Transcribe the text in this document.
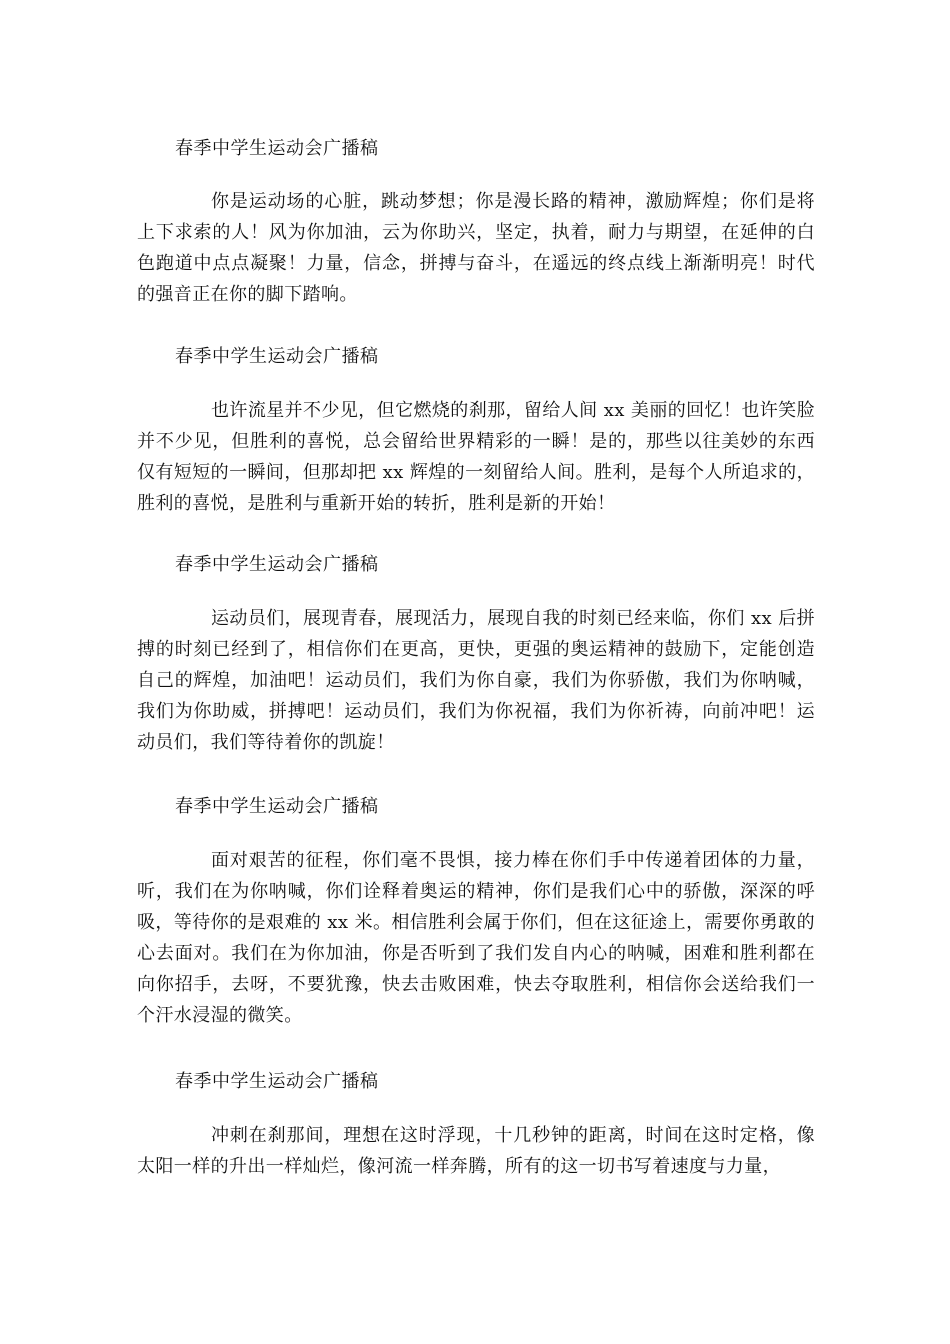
春季中学生运动会广播稿
你是运动场的心脏，跳动梦想；你是漫长路的精神，激励辉煌；你们是将上下求索的人！风为你加油，云为你助兴，坚定，执着，耐力与期望，在延伸的白色跑道中点点凝聚！力量，信念，拼搏与奋斗，在遥远的终点线上渐渐明亮！时代的强音正在你的脚下踏响。
春季中学生运动会广播稿
也许流星并不少见，但它燃烧的刹那，留给人间 xx 美丽的回忆！也许笑脸并不少见，但胜利的喜悦，总会留给世界精彩的一瞬！是的，那些以往美妙的东西仅有短短的一瞬间，但那却把 xx 辉煌的一刻留给人间。胜利，是每个人所追求的，胜利的喜悦，是胜利与重新开始的转折，胜利是新的开始！
春季中学生运动会广播稿
运动员们，展现青春，展现活力，展现自我的时刻已经来临，你们 xx 后拼搏的时刻已经到了，相信你们在更高，更快，更强的奥运精神的鼓励下，定能创造自己的辉煌，加油吧！运动员们，我们为你自豪，我们为你骄傲，我们为你呐喊，我们为你助威，拼搏吧！运动员们，我们为你祝福，我们为你祈祷，向前冲吧！运动员们，我们等待着你的凯旋！
春季中学生运动会广播稿
面对艰苦的征程，你们毫不畏惧，接力棒在你们手中传递着团体的力量，听，我们在为你呐喊，你们诠释着奥运的精神，你们是我们心中的骄傲，深深的呼吸，等待你的是艰难的 xx 米。相信胜利会属于你们，但在这征途上，需要你勇敢的心去面对。我们在为你加油，你是否听到了我们发自内心的呐喊，困难和胜利都在向你招手，去呀，不要犹豫，快去击败困难，快去夺取胜利，相信你会送给我们一个汗水浸湿的微笑。
春季中学生运动会广播稿
冲刺在刹那间，理想在这时浮现，十几秒钟的距离，时间在这时定格，像太阳一样的升出一样灿烂，像河流一样奔腾，所有的这一切书写着速度与力量，
